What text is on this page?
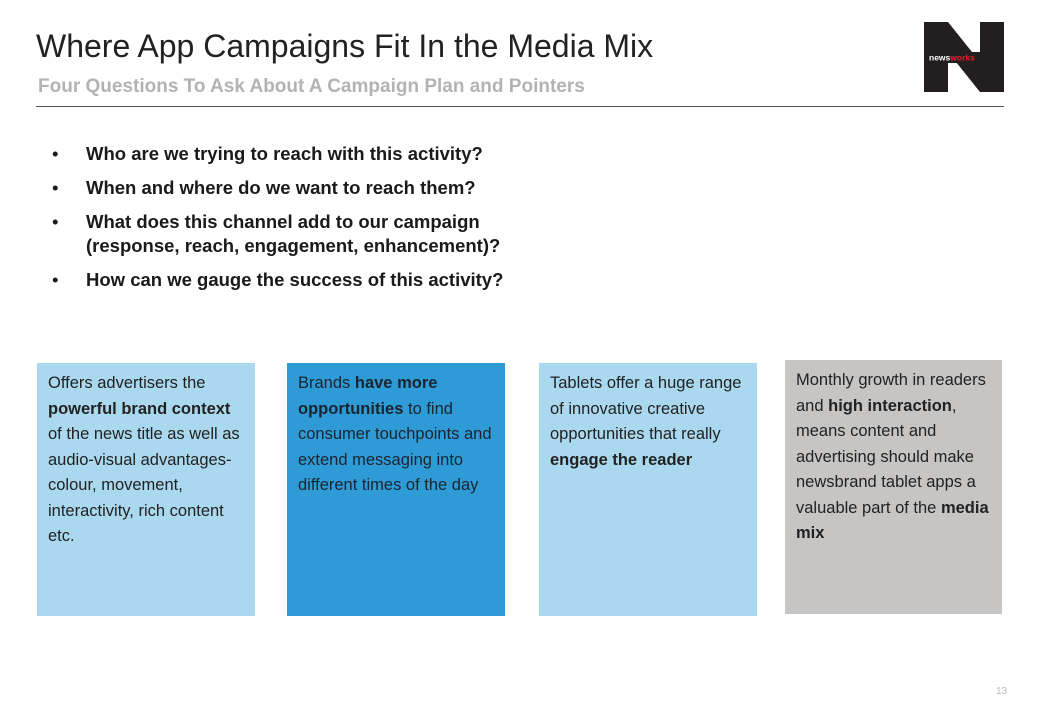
Where App Campaigns Fit In the Media Mix
Four Questions To Ask About A Campaign Plan and Pointers
newsworks
• Who are we trying to reach with this activity?
• When and where do we want to reach them?
• What does this channel add to our campaign
(response, reach, engagement, enhancement)?
• How can we gauge the success of this activity?
Offers advertisers the powerful brand context of the news title as well as audio-visual advantages-colour, movement, interactivity, rich content etc.
Brands have more opportunities to find consumer touchpoints and extend messaging into different times of the day
Tablets offer a huge range of innovative creative opportunities that really engage the reader
Monthly growth in readers and high interaction, means content and advertising should make newsbrand tablet apps a valuable part of the media mix
13
